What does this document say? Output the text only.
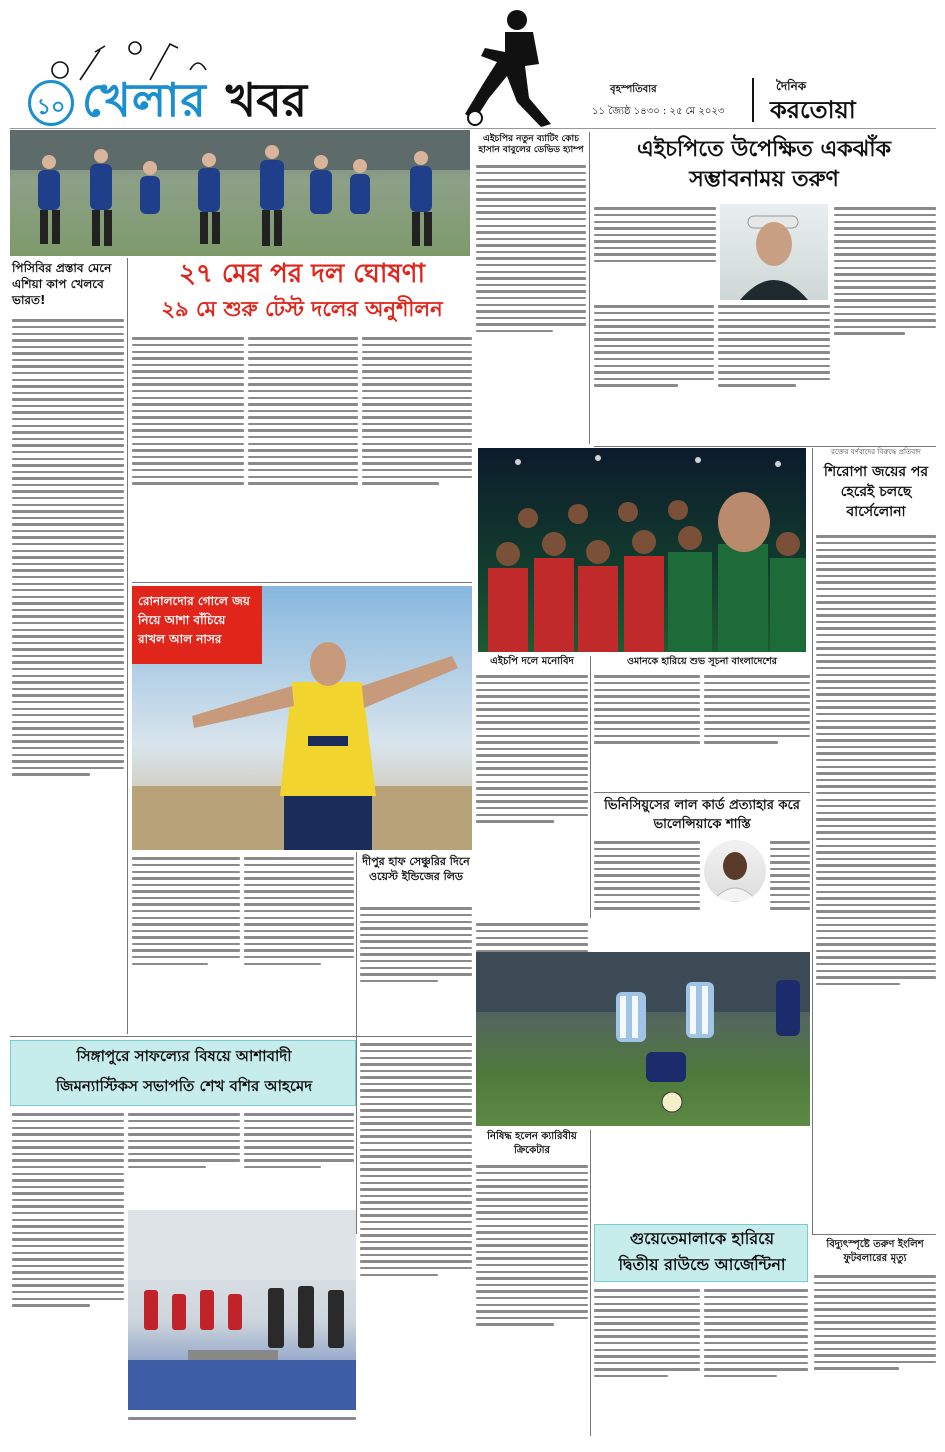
১০ খেলার খবর	বৃহস্পতিবার
১১ জ্যৈষ্ঠ ১৪৩০ : ২৫ মে ২০২৩
দৈনিক
করতোয়া
এইচপির নতুন ব্যাটিং কোচ হাসান বাবুলের ডেভিড হ্যাম্প	এইচপিতে উপেক্ষিত একঝাঁক
সম্ভাবনাময় তরুণ
পিসিবির প্রস্তাব মেনে এশিয়া কাপ খেলবে ভারত!
২৭ মের পর দল ঘোষণা
২৯ মে শুরু টেস্ট দলের অনুশীলন
এইচপি দলে মনোবিদ	ওমানকে হারিয়ে শুভ সূচনা বাংলাদেশের
রক্তের বর্ণবাদের বিরুদ্ধে প্রতিবাদ
শিরোপা জয়ের পর হেরেই চলছে বার্সেলোনা
রোনালদোর গোলে জয় নিয়ে আশা বাঁচিয়ে রাখল আল নাসর
দীপুর হাফ সেঞ্চুরির দিনে ওয়েস্ট ইন্ডিজের লিড
ভিনিসিয়ুসের লাল কার্ড প্রত্যাহার করে ভালেন্সিয়াকে শাস্তি
নিষিদ্ধ হলেন ক্যারিবীয় ক্রিকেটার
গুয়েতেমালাকে হারিয়ে
দ্বিতীয় রাউন্ডে আর্জেন্টিনা
বিদ্যুৎস্পৃষ্টে তরুণ ইংলিশ ফুটবলারের মৃত্যু
সিঙ্গাপুরে সাফল্যের বিষয়ে আশাবাদী
জিমন্যাস্টিকস সভাপতি শেখ বশির আহমেদ
